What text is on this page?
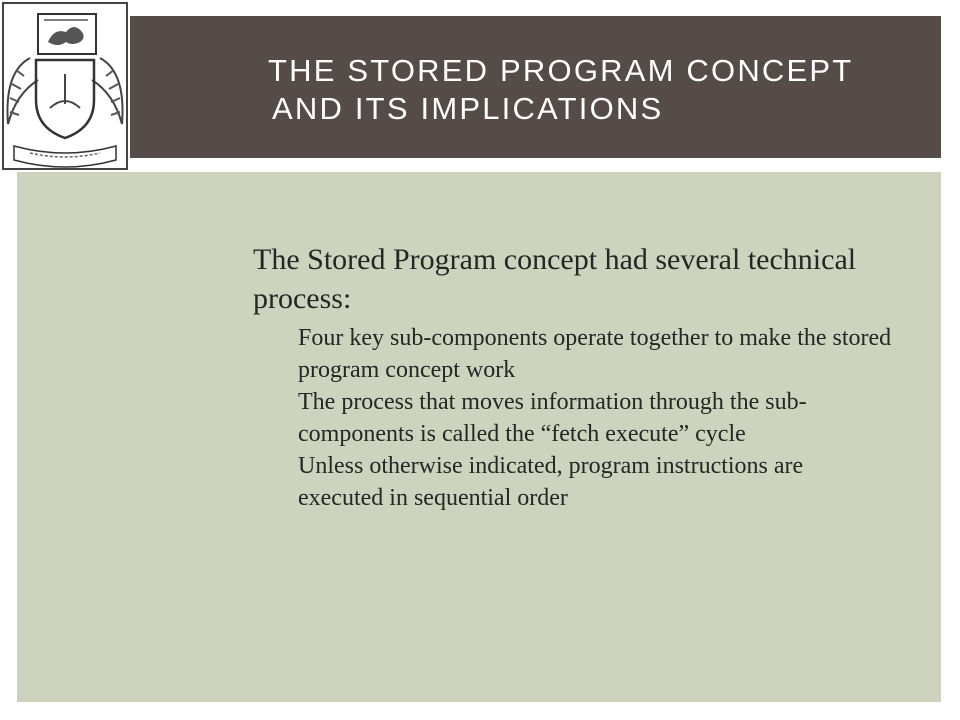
THE STORED PROGRAM CONCEPT
AND ITS IMPLICATIONS

The Stored Program concept had several technical process:

Four key sub-components operate together to make the stored program concept work

The process that moves information through the sub-components is called the “fetch execute” cycle

Unless otherwise indicated, program instructions are executed in sequential order
